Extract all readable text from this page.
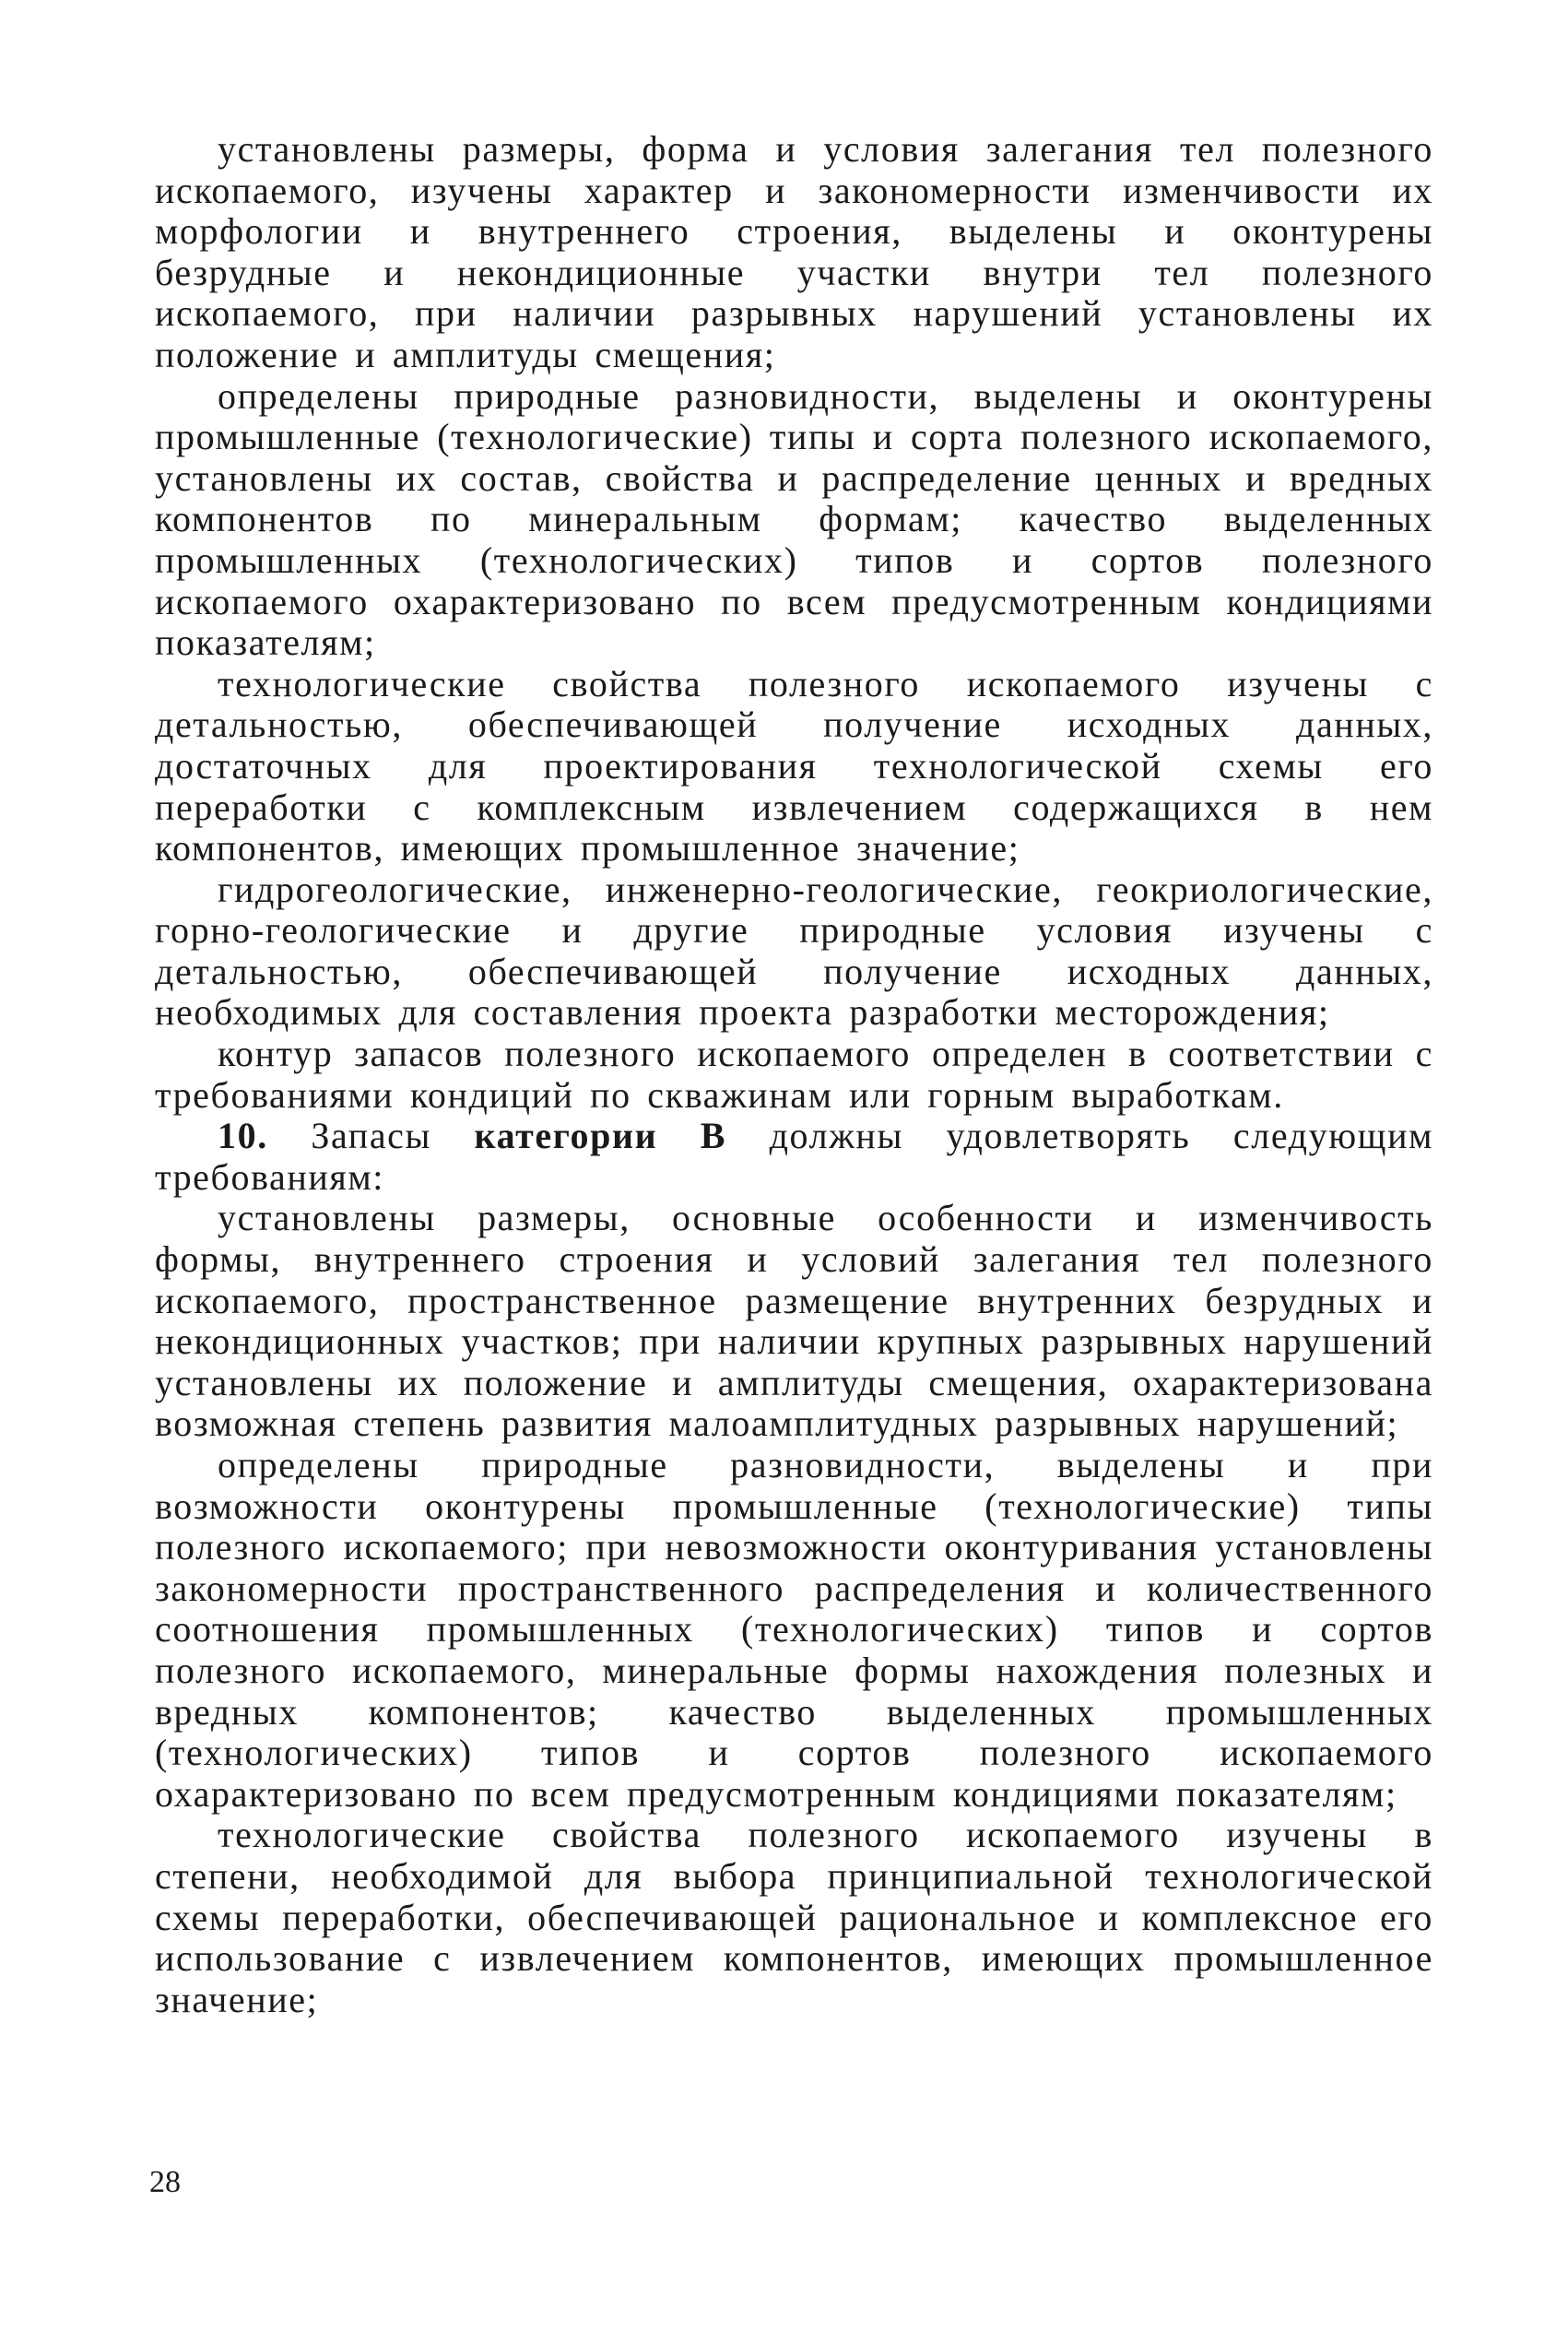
установлены размеры, форма и условия залегания тел полезного ископаемого, изучены характер и закономерности изменчивости их морфологии и внутреннего строения, выделены и оконтурены безрудные и некондиционные участки внутри тел полезного ископаемого, при наличии разрывных нарушений установлены их положение и амплитуды смещения;

определены природные разновидности, выделены и оконтурены промышленные (технологические) типы и сорта полезного ископаемого, установлены их состав, свойства и распределение ценных и вредных компонентов по минеральным формам; качество выделенных промышленных (технологических) типов и сортов полезного ископаемого охарактеризовано по всем предусмотренным кондициями показателям;

технологические свойства полезного ископаемого изучены с детальностью, обеспечивающей получение исходных данных, достаточных для проектирования технологической схемы его переработки с комплексным извлечением содержащихся в нем компонентов, имеющих промышленное значение;

гидрогеологические, инженерно-геологические, геокриологические, горно-геологические и другие природные условия изучены с детальностью, обеспечивающей получение исходных данных, необходимых для составления проекта разработки месторождения;

контур запасов полезного ископаемого определен в соответствии с требованиями кондиций по скважинам или горным выработкам.

10. Запасы категории В должны удовлетворять следующим требованиям:

установлены размеры, основные особенности и изменчивость формы, внутреннего строения и условий залегания тел полезного ископаемого, пространственное размещение внутренних безрудных и некондиционных участков; при наличии крупных разрывных нарушений установлены их положение и амплитуды смещения, охарактеризована возможная степень развития малоамплитудных разрывных нарушений;

определены природные разновидности, выделены и при возможности оконтурены промышленные (технологические) типы полезного ископаемого; при невозможности оконтуривания установлены закономерности пространственного распределения и количественного соотношения промышленных (технологических) типов и сортов полезного ископаемого, минеральные формы нахождения полезных и вредных компонентов; качество выделенных промышленных (технологических) типов и сортов полезного ископаемого охарактеризовано по всем предусмотренным кондициями показателям;

технологические свойства полезного ископаемого изучены в степени, необходимой для выбора принципиальной технологической схемы переработки, обеспечивающей рациональное и комплексное его использование с извлечением компонентов, имеющих промышленное значение;

28
